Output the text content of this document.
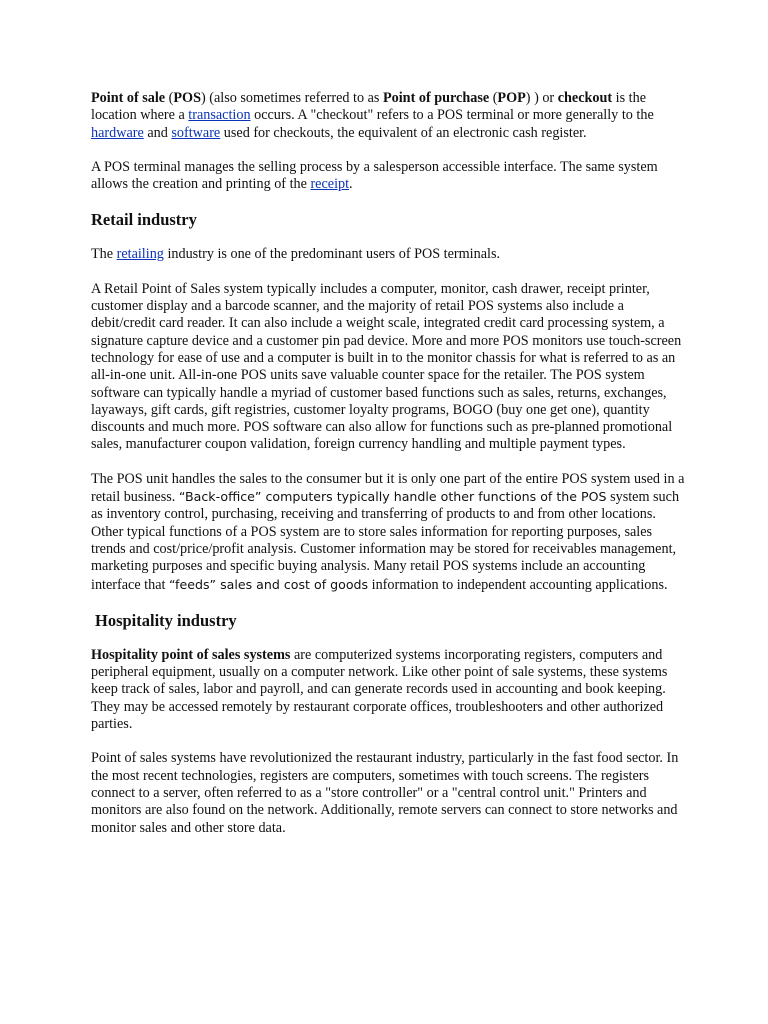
Point of sale (POS) (also sometimes referred to as Point of purchase (POP) ) or checkout is the location where a transaction occurs. A "checkout" refers to a POS terminal or more generally to the hardware and software used for checkouts, the equivalent of an electronic cash register.

A POS terminal manages the selling process by a salesperson accessible interface. The same system allows the creation and printing of the receipt.

Retail industry

The retailing industry is one of the predominant users of POS terminals.

A Retail Point of Sales system typically includes a computer, monitor, cash drawer, receipt printer, customer display and a barcode scanner, and the majority of retail POS systems also include a debit/credit card reader. It can also include a weight scale, integrated credit card processing system, a signature capture device and a customer pin pad device. More and more POS monitors use touch-screen technology for ease of use and a computer is built in to the monitor chassis for what is referred to as an all-in-one unit. All-in-one POS units save valuable counter space for the retailer. The POS system software can typically handle a myriad of customer based functions such as sales, returns, exchanges, layaways, gift cards, gift registries, customer loyalty programs, BOGO (buy one get one), quantity discounts and much more. POS software can also allow for functions such as pre-planned promotional sales, manufacturer coupon validation, foreign currency handling and multiple payment types.

The POS unit handles the sales to the consumer but it is only one part of the entire POS system used in a retail business. “Back-office” computers typically handle other functions of the POS system such as inventory control, purchasing, receiving and transferring of products to and from other locations. Other typical functions of a POS system are to store sales information for reporting purposes, sales trends and cost/price/profit analysis. Customer information may be stored for receivables management, marketing purposes and specific buying analysis. Many retail POS systems include an accounting interface that “feeds” sales and cost of goods information to independent accounting applications.

Hospitality industry

Hospitality point of sales systems are computerized systems incorporating registers, computers and peripheral equipment, usually on a computer network. Like other point of sale systems, these systems keep track of sales, labor and payroll, and can generate records used in accounting and book keeping. They may be accessed remotely by restaurant corporate offices, troubleshooters and other authorized parties.

Point of sales systems have revolutionized the restaurant industry, particularly in the fast food sector. In the most recent technologies, registers are computers, sometimes with touch screens. The registers connect to a server, often referred to as a "store controller" or a "central control unit." Printers and monitors are also found on the network. Additionally, remote servers can connect to store networks and monitor sales and other store data.
